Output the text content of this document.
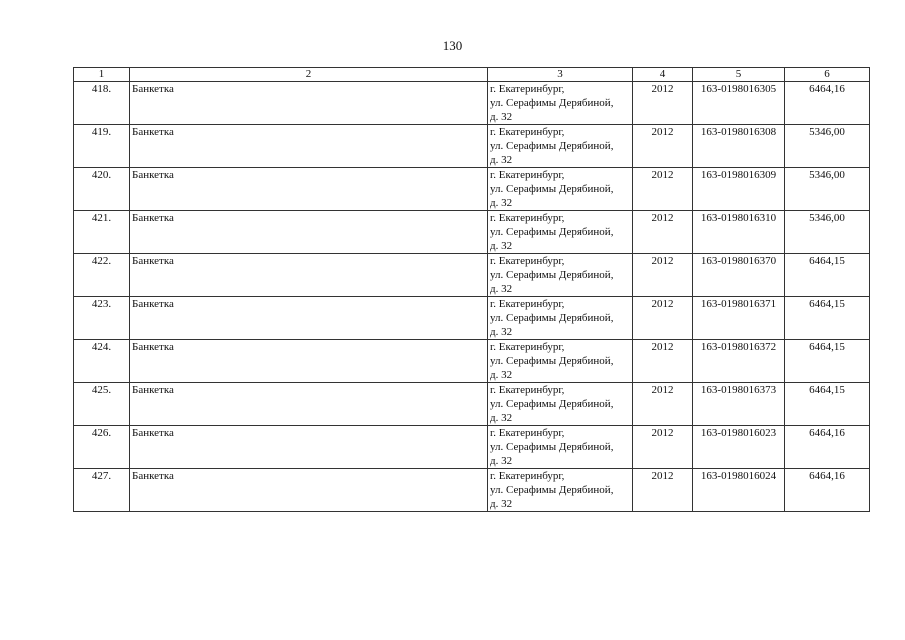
130
1	2	3	4	5	6
418.	Банкетка	г. Екатеринбург,
ул. Серафимы Дерябиной,
д. 32	2012	163-0198016305	6464,16
419.	Банкетка	г. Екатеринбург,
ул. Серафимы Дерябиной,
д. 32	2012	163-0198016308	5346,00
420.	Банкетка	г. Екатеринбург,
ул. Серафимы Дерябиной,
д. 32	2012	163-0198016309	5346,00
421.	Банкетка	г. Екатеринбург,
ул. Серафимы Дерябиной,
д. 32	2012	163-0198016310	5346,00
422.	Банкетка	г. Екатеринбург,
ул. Серафимы Дерябиной,
д. 32	2012	163-0198016370	6464,15
423.	Банкетка	г. Екатеринбург,
ул. Серафимы Дерябиной,
д. 32	2012	163-0198016371	6464,15
424.	Банкетка	г. Екатеринбург,
ул. Серафимы Дерябиной,
д. 32	2012	163-0198016372	6464,15
425.	Банкетка	г. Екатеринбург,
ул. Серафимы Дерябиной,
д. 32	2012	163-0198016373	6464,15
426.	Банкетка	г. Екатеринбург,
ул. Серафимы Дерябиной,
д. 32	2012	163-0198016023	6464,16
427.	Банкетка	г. Екатеринбург,
ул. Серафимы Дерябиной,
д. 32	2012	163-0198016024	6464,16
